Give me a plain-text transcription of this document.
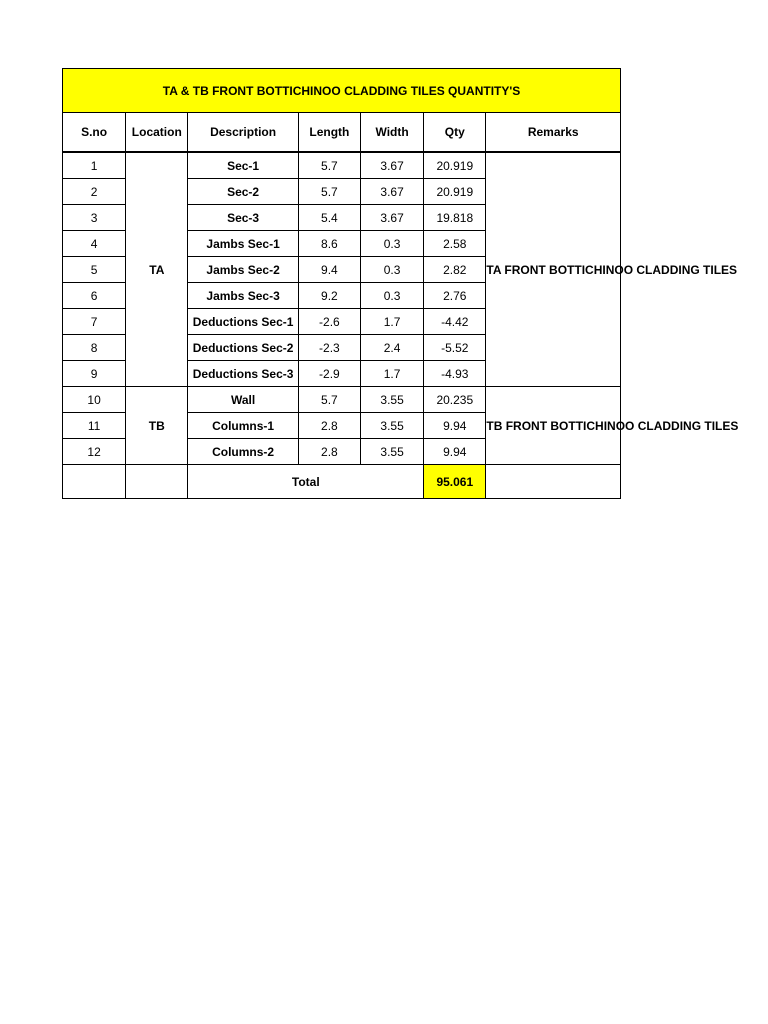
TA & TB FRONT BOTTICHINOO CLADDING TILES QUANTITY'S						
S.no	Location	Description	Length	Width	Qty	Remarks
1	TA	Sec-1	5.7	3.67	20.919	TA FRONT BOTTICHINOO CLADDING TILES
2		Sec-2	5.7	3.67	20.919	
3		Sec-3	5.4	3.67	19.818	
4		Jambs Sec-1	8.6	0.3	2.58	
5		Jambs Sec-2	9.4	0.3	2.82	
6		Jambs Sec-3	9.2	0.3	2.76	
7		Deductions Sec-1	-2.6	1.7	-4.42	
8		Deductions Sec-2	-2.3	2.4	-5.52	
9		Deductions Sec-3	-2.9	1.7	-4.93	
10	TB	Wall	5.7	3.55	20.235	TB FRONT BOTTICHINOO CLADDING TILES
11		Columns-1	2.8	3.55	9.94	
12		Columns-2	2.8	3.55	9.94	
		Total			95.061	
